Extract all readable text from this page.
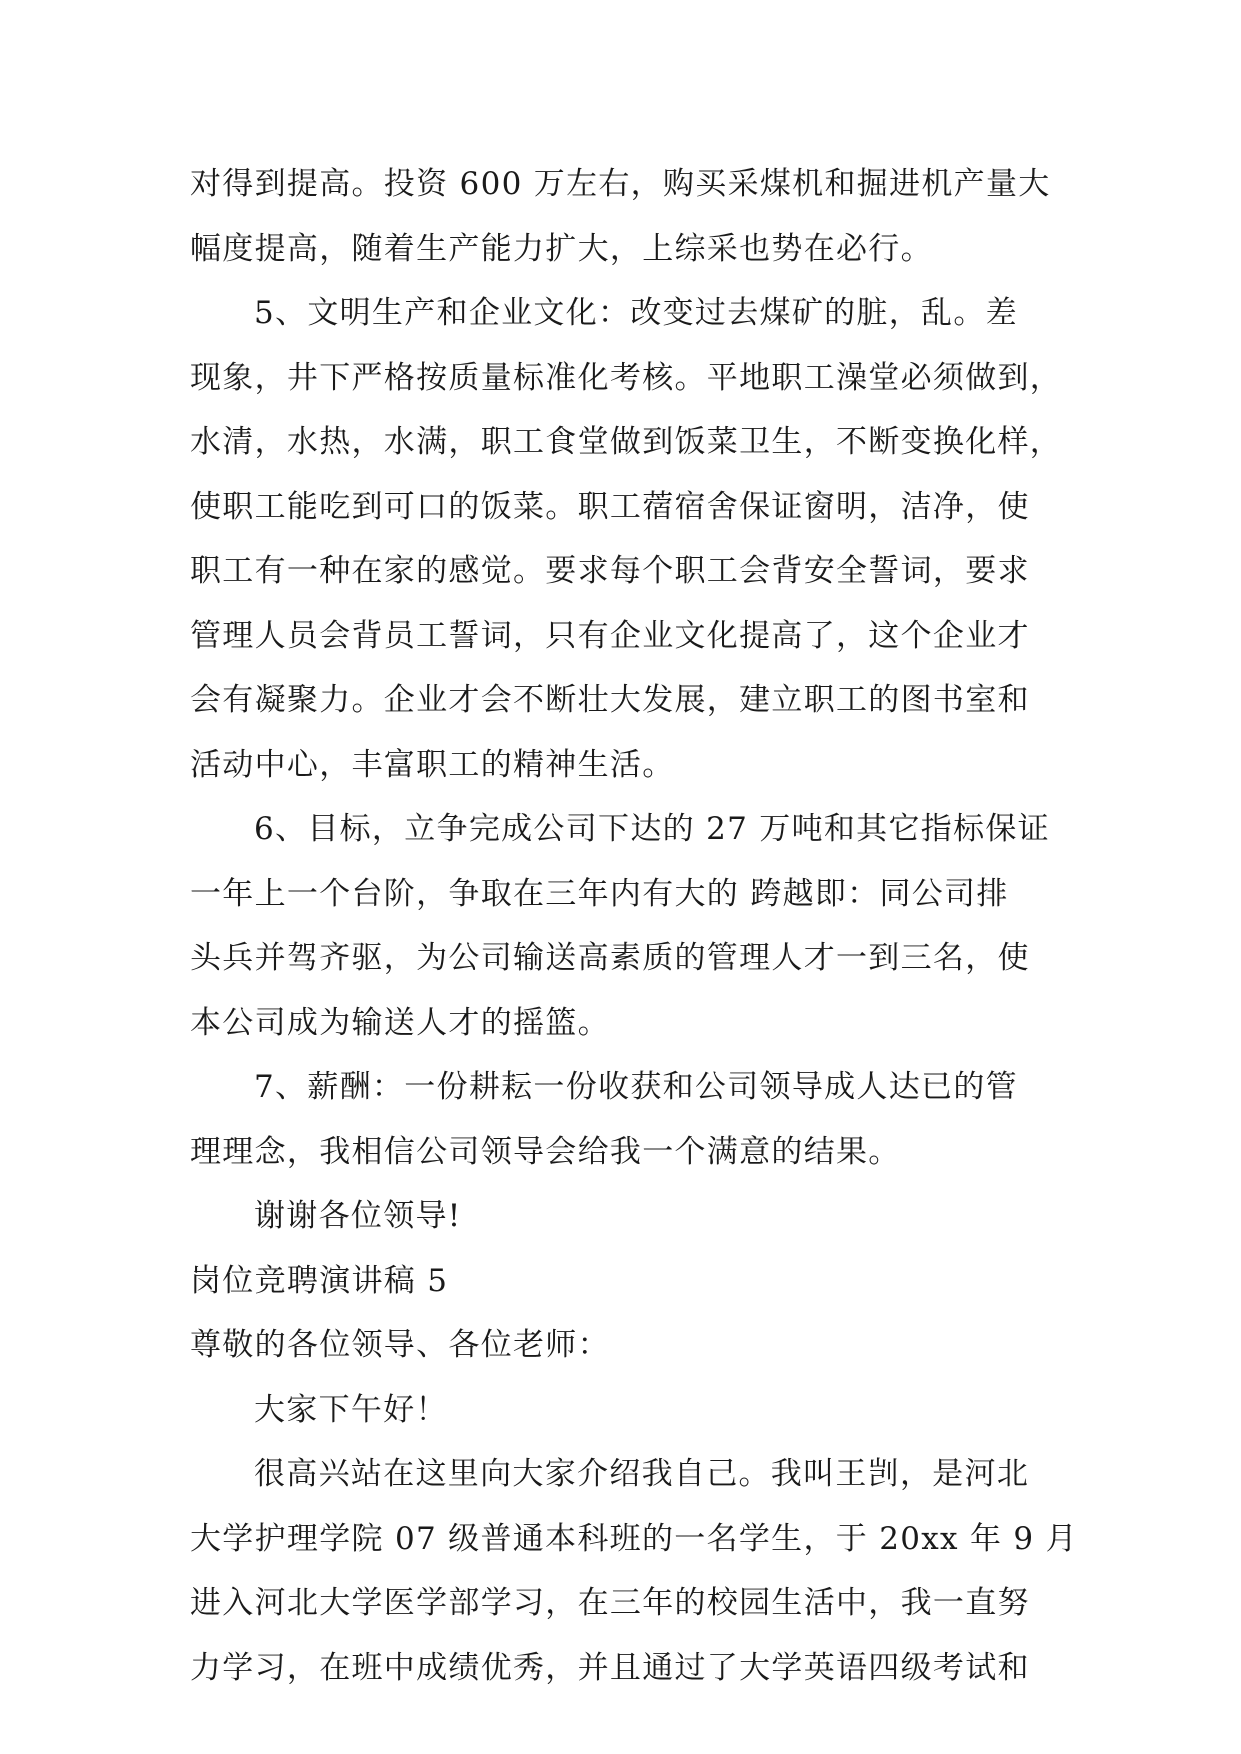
对得到提高。投资 600 万左右，购买采煤机和掘进机产量大
幅度提高，随着生产能力扩大，上综采也势在必行。

5、文明生产和企业文化：改变过去煤矿的脏，乱。差
现象，井下严格按质量标准化考核。平地职工澡堂必须做到，
水清，水热，水满，职工食堂做到饭菜卫生，不断变换化样，
使职工能吃到可口的饭菜。职工蓿宿舍保证窗明，洁净，使
职工有一种在家的感觉。要求每个职工会背安全誓词，要求
管理人员会背员工誓词，只有企业文化提高了，这个企业才
会有凝聚力。企业才会不断壮大发展，建立职工的图书室和
活动中心，丰富职工的精神生活。

6、目标，立争完成公司下达的 27 万吨和其它指标保证
一年上一个台阶，争取在三年内有大的 跨越即：同公司排
头兵并驾齐驱，为公司输送高素质的管理人才一到三名，使
本公司成为输送人才的摇篮。

7、薪酬：一份耕耘一份收获和公司领导成人达已的管
理理念，我相信公司领导会给我一个满意的结果。

谢谢各位领导!

岗位竞聘演讲稿 5

尊敬的各位领导、各位老师：

大家下午好！

很高兴站在这里向大家介绍我自己。我叫王剀，是河北
大学护理学院 07 级普通本科班的一名学生，于 20xx 年 9 月
进入河北大学医学部学习，在三年的校园生活中，我一直努
力学习，在班中成绩优秀，并且通过了大学英语四级考试和
